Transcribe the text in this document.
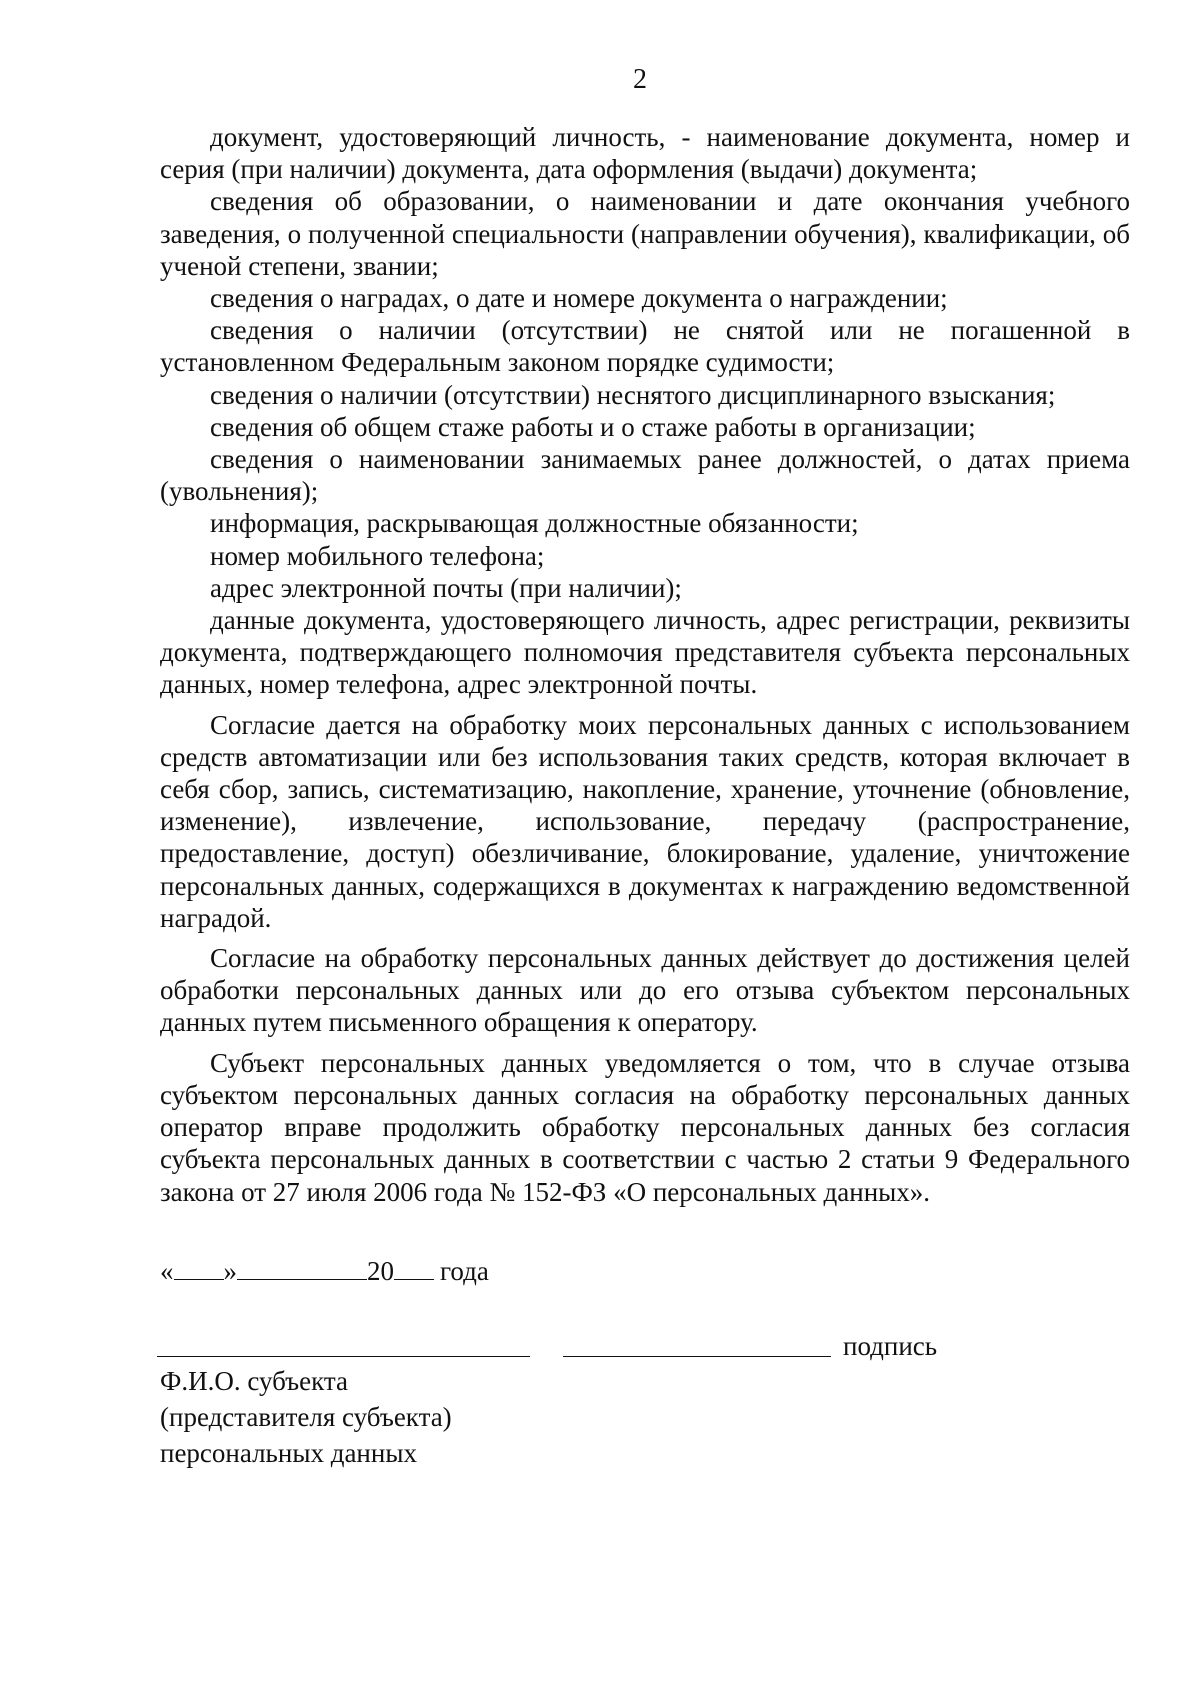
2

документ, удостоверяющий личность, - наименование документа, номер и серия (при наличии) документа, дата оформления (выдачи) документа;

сведения об образовании, о наименовании и дате окончания учебного заведения, о полученной специальности (направлении обучения), квалификации, об ученой степени, звании;

сведения о наградах, о дате и номере документа о награждении;

сведения о наличии (отсутствии) не снятой или не погашенной в установленном Федеральным законом порядке судимости;

сведения о наличии (отсутствии) неснятого дисциплинарного взыскания;

сведения об общем стаже работы и о стаже работы в организации;

сведения о наименовании занимаемых ранее должностей, о датах приема (увольнения);

информация, раскрывающая должностные обязанности;

номер мобильного телефона;

адрес электронной почты (при наличии);

данные документа, удостоверяющего личность, адрес регистрации, реквизиты документа, подтверждающего полномочия представителя субъекта персональных данных, номер телефона, адрес электронной почты.

Согласие дается на обработку моих персональных данных с использованием средств автоматизации или без использования таких средств, которая включает в себя сбор, запись, систематизацию, накопление, хранение, уточнение (обновление, изменение), извлечение, использование, передачу (распространение, предоставление, доступ) обезличивание, блокирование, удаление, уничтожение персональных данных, содержащихся в документах к награждению ведомственной наградой.

Согласие на обработку персональных данных действует до достижения целей обработки персональных данных или до его отзыва субъектом персональных данных путем письменного обращения к оператору.

Субъект персональных данных уведомляется о том, что в случае отзыва субъектом персональных данных согласия на обработку персональных данных оператор вправе продолжить обработку персональных данных без согласия субъекта персональных данных в соответствии с частью 2 статьи 9 Федерального закона от 27 июля 2006 года № 152-ФЗ «О персональных данных».

« »	20 года
подпись
Ф.И.О. субъекта
(представителя субъекта)
персональных данных
